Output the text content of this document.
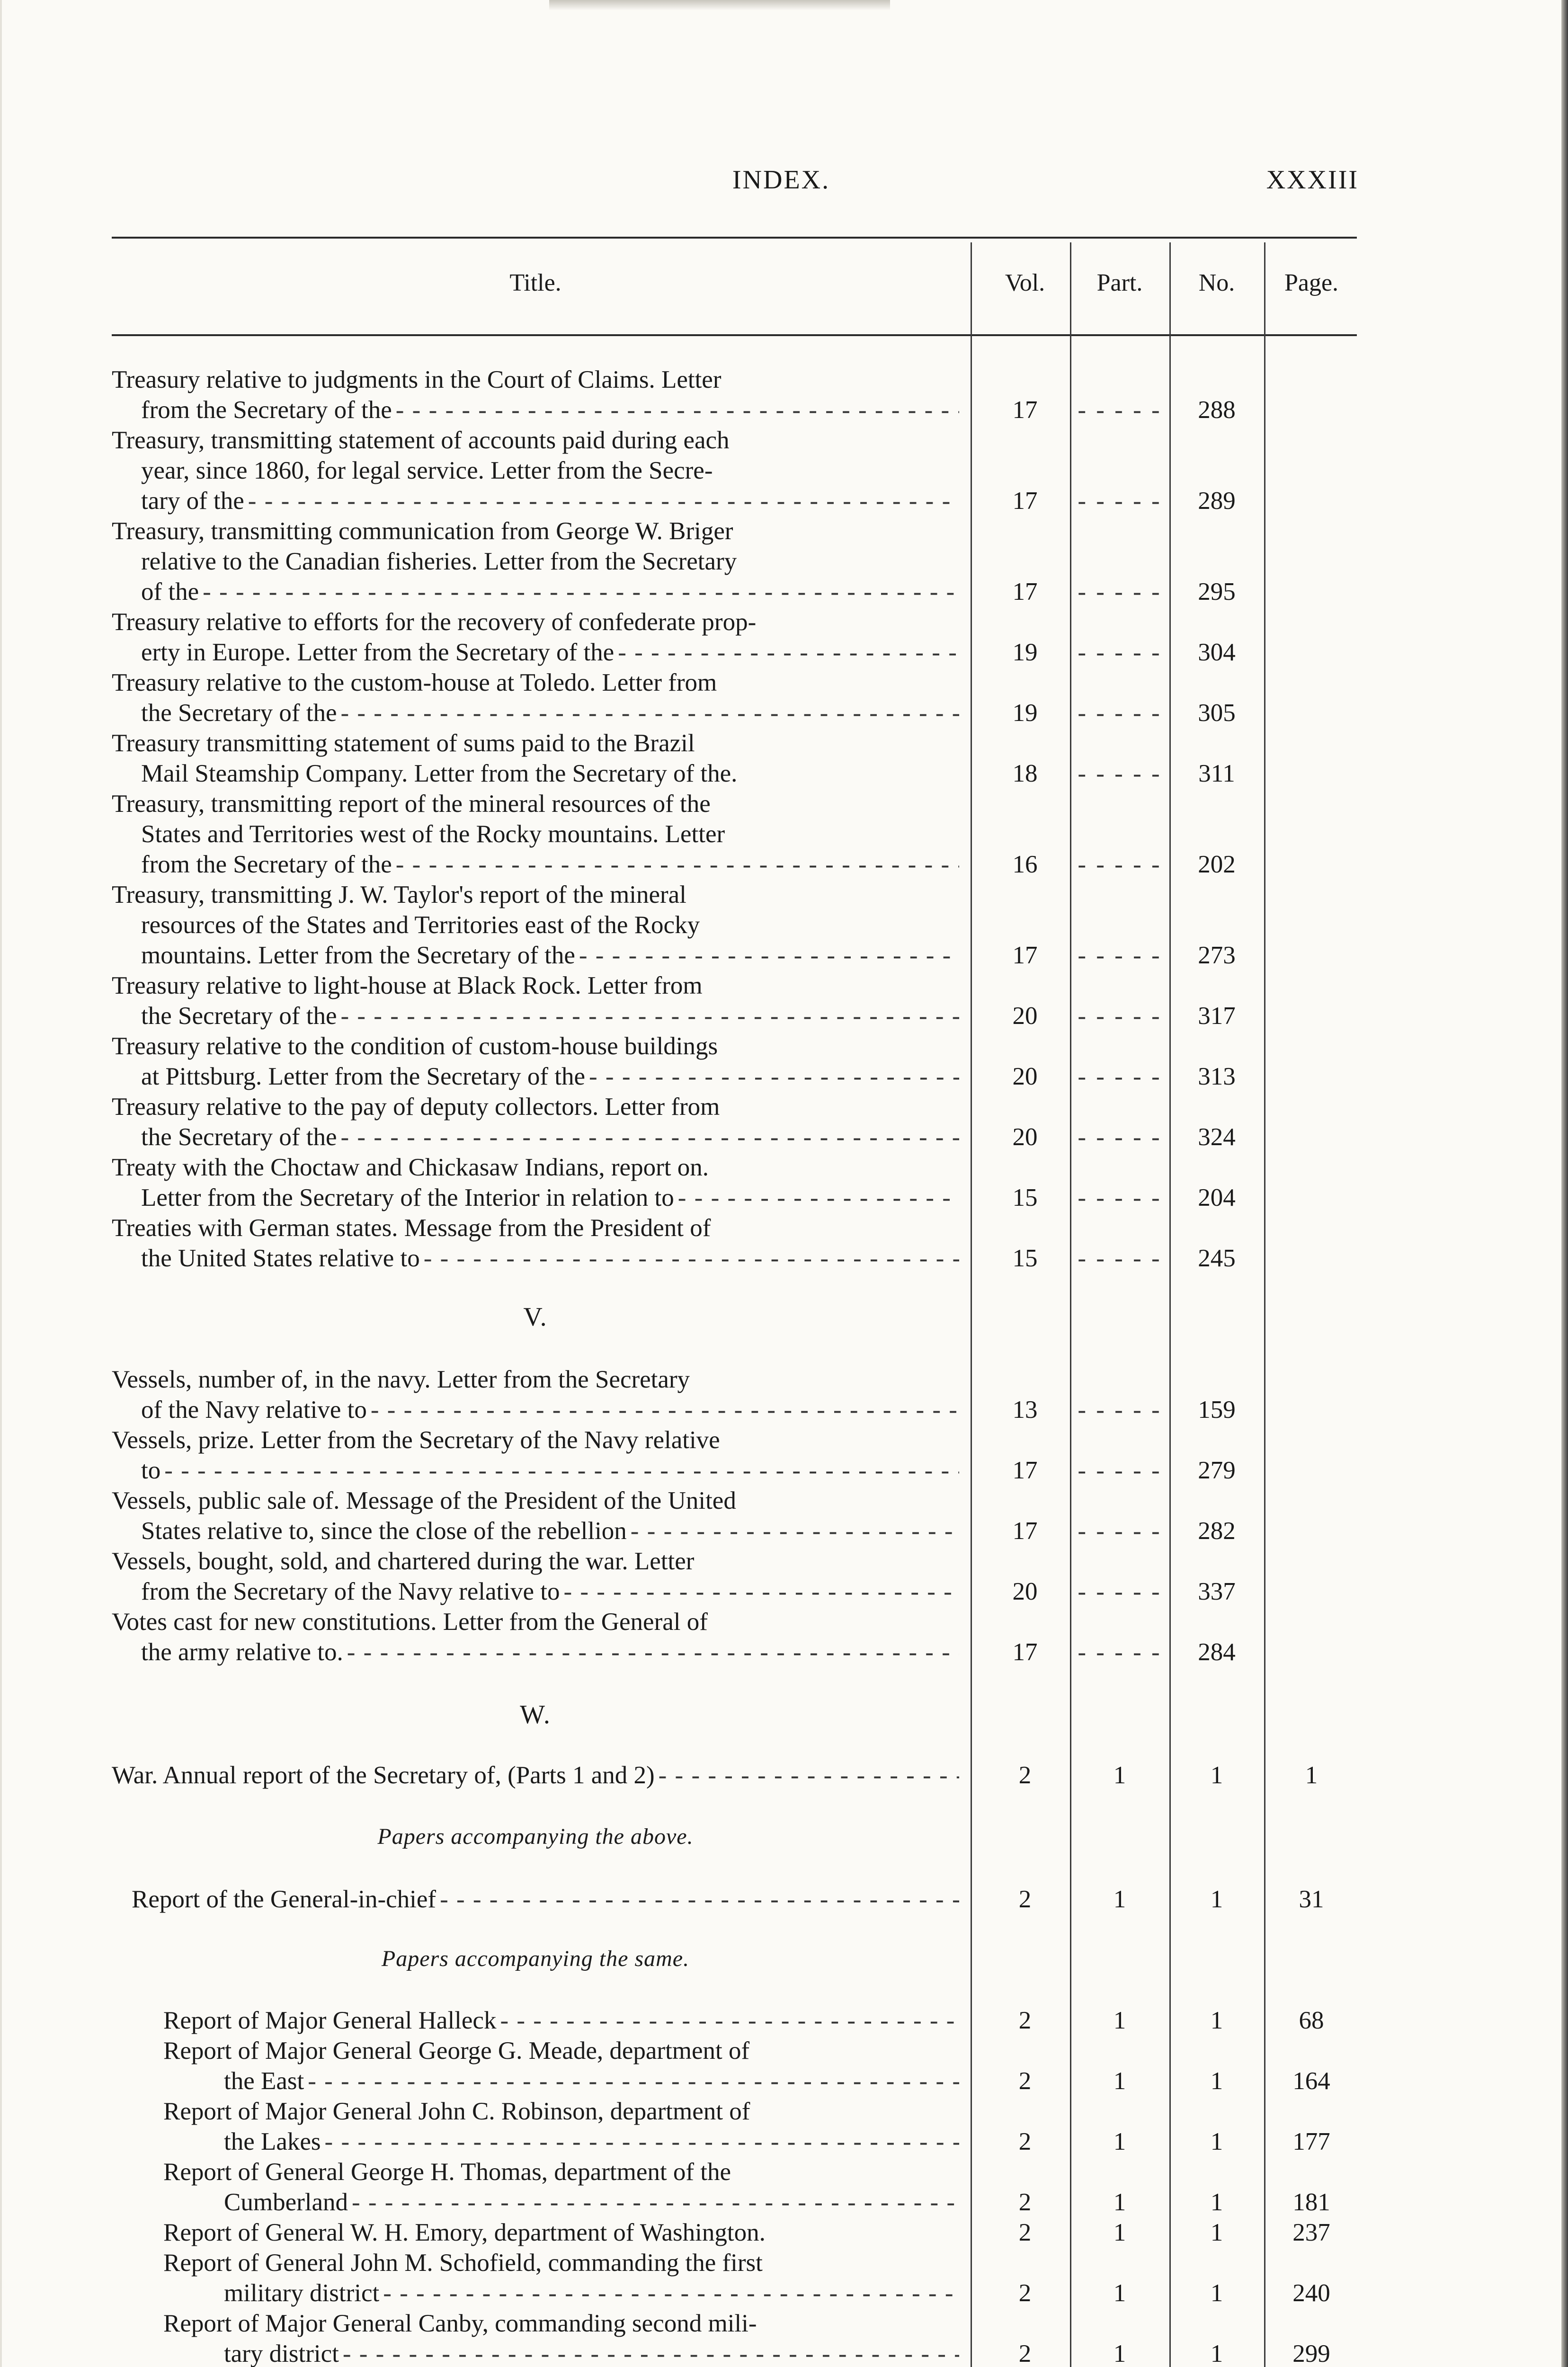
INDEX.	XXXIII
Title.	Vol.	Part.	No.	Page.
Treasury relative to judgments in the Court of Claims. Letter
from the Secretary of the - - -	17	- - - - -	288
Treasury, transmitting statement of accounts paid during each
year, since 1860, for legal service. Letter from the Secre-
tary of the - - -	17	- - - - -	289
Treasury, transmitting communication from George W. Briger
relative to the Canadian fisheries. Letter from the Secretary
of the - - -	17	- - - - -	295
Treasury relative to efforts for the recovery of confederate prop-
erty in Europe. Letter from the Secretary of the - - -	19	- - - - -	304
Treasury relative to the custom-house at Toledo. Letter from
the Secretary of the - - -	19	- - - - -	305
Treasury transmitting statement of sums paid to the Brazil
Mail Steamship Company. Letter from the Secretary of the.	18	- - - - -	311
Treasury, transmitting report of the mineral resources of the
States and Territories west of the Rocky mountains. Letter
from the Secretary of the - - -	16	- - - - -	202
Treasury, transmitting J. W. Taylor's report of the mineral
resources of the States and Territories east of the Rocky
mountains. Letter from the Secretary of the - - -	17	- - - - -	273
Treasury relative to light-house at Black Rock. Letter from
the Secretary of the - - -	20	- - - - -	317
Treasury relative to the condition of custom-house buildings
at Pittsburg. Letter from the Secretary of the - - -	20	- - - - -	313
Treasury relative to the pay of deputy collectors. Letter from
the Secretary of the - - -	20	- - - - -	324
Treaty with the Choctaw and Chickasaw Indians, report on.
Letter from the Secretary of the Interior in relation to - - -	15	- - - - -	204
Treaties with German states. Message from the President of
the United States relative to - - -	15	- - - - -	245
V.
Vessels, number of, in the navy. Letter from the Secretary
of the Navy relative to - - -	13	- - - - -	159
Vessels, prize. Letter from the Secretary of the Navy relative
to - - -	17	- - - - -	279
Vessels, public sale of. Message of the President of the United
States relative to, since the close of the rebellion - - -	17	- - - - -	282
Vessels, bought, sold, and chartered during the war. Letter
from the Secretary of the Navy relative to - - -	20	- - - - -	337
Votes cast for new constitutions. Letter from the General of
the army relative to. - - -	17	- - - - -	284
W.
War. Annual report of the Secretary of, (Parts 1 and 2) - - -	2	1	1	1
Papers accompanying the above.
Report of the General-in-chief - - -	2	1	1	31
Papers accompanying the same.
Report of Major General Halleck - - -	2	1	1	68
Report of Major General George G. Meade, department of
the East - - -	2	1	1	164
Report of Major General John C. Robinson, department of
the Lakes - - -	2	1	1	177
Report of General George H. Thomas, department of the
Cumberland - - -	2	1	1	181
Report of General W. H. Emory, department of Washington.	2	1	1	237
Report of General John M. Schofield, commanding the first
military district - - -	2	1	1	240
Report of Major General Canby, commanding second mili-
tary district - - -	2	1	1	299
